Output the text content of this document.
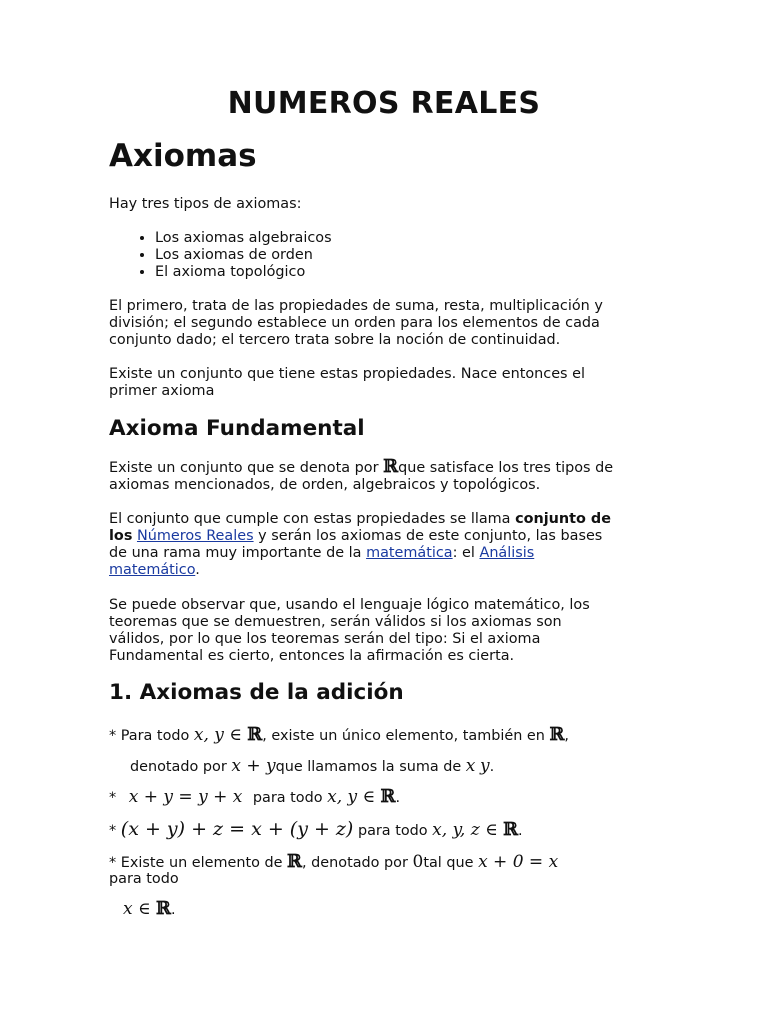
NUMEROS REALES
Axiomas
Hay tres tipos de axiomas:
• Los axiomas algebraicos
• Los axiomas de orden
• El axioma topológico
El primero, trata de las propiedades de suma, resta, multiplicación y
división; el segundo establece un orden para los elementos de cada
conjunto dado; el tercero trata sobre la noción de continuidad.
Existe un conjunto que tiene estas propiedades. Nace entonces el
primer axioma
Axioma Fundamental
Existe un conjunto que se denota por ℝque satisface los tres tipos de
axiomas mencionados, de orden, algebraicos y topológicos.
El conjunto que cumple con estas propiedades se llama conjunto de
los Números Reales y serán los axiomas de este conjunto, las bases
de una rama muy importante de la matemática: el Análisis
matemático.
Se puede observar que, usando el lenguaje lógico matemático, los
teoremas que se demuestren, serán válidos si los axiomas son
válidos, por lo que los teoremas serán del tipo: Si el axioma
Fundamental es cierto, entonces la afirmación es cierta.
1. Axiomas de la adición
* Para todo x, y ∈ ℝ, existe un único elemento, también en ℝ,
denotado por x + yque llamamos la suma de x y.
* x + y = y + x para todo x, y ∈ ℝ.
* (x + y) + z = x + (y + z) para todo x, y, z ∈ ℝ.
* Existe un elemento de ℝ, denotado por 0tal que x + 0 = x
para todo
x ∈ ℝ.
